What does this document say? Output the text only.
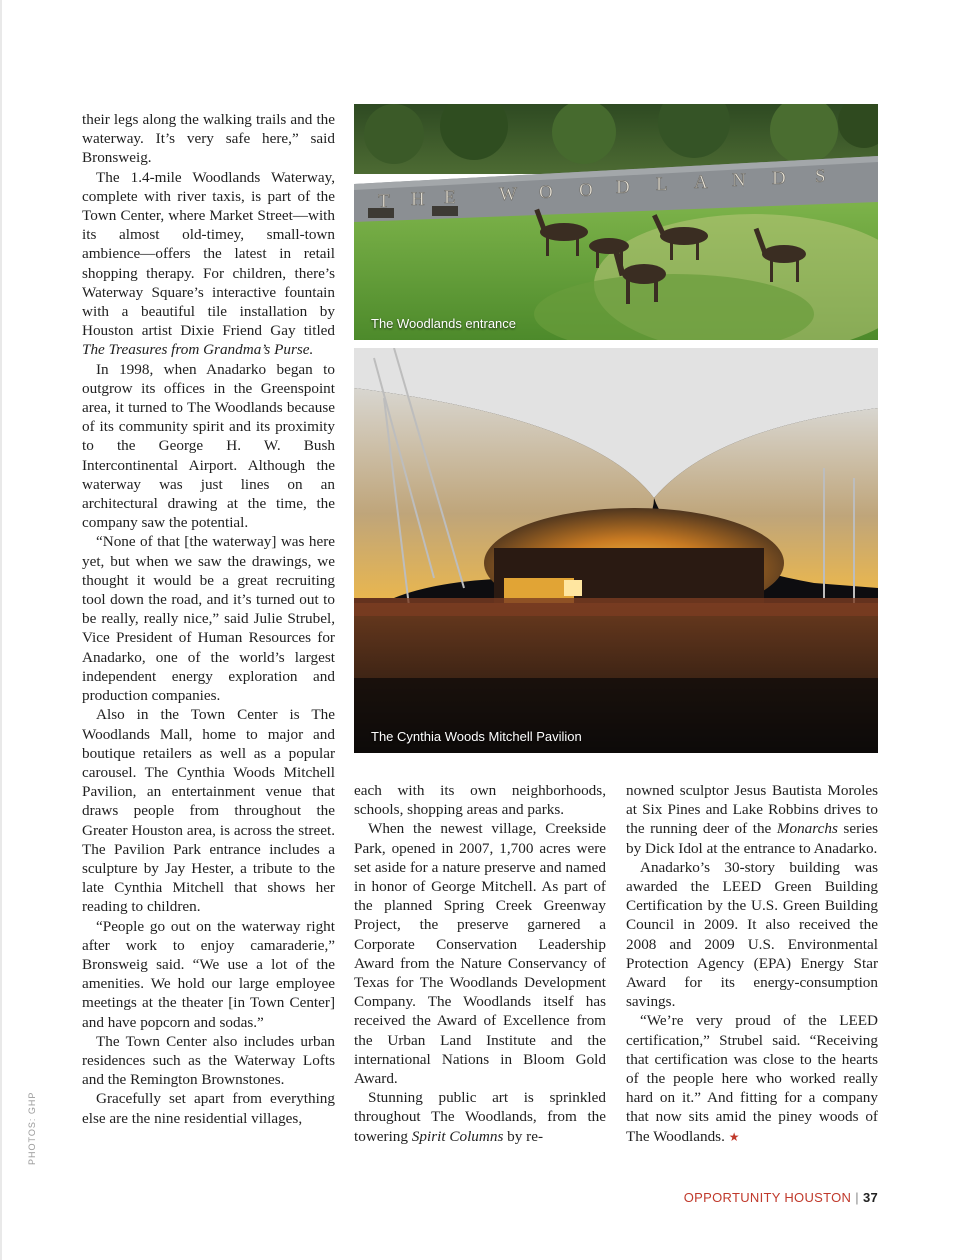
their legs along the walking trails and the waterway. It’s very safe here,” said Bronsweig.

The 1.4-mile Woodlands Waterway, complete with river taxis, is part of the Town Center, where Market Street—with its almost old-timey, small-town ambience—offers the latest in retail shopping therapy. For children, there’s Waterway Square’s interactive fountain with a beautiful tile installation by Houston artist Dixie Friend Gay titled The Treasures from Grandma’s Purse.

In 1998, when Anadarko began to outgrow its offices in the Greenspoint area, it turned to The Woodlands because of its community spirit and its proximity to the George H. W. Bush Intercontinental Airport. Although the waterway was just lines on an architectural drawing at the time, the company saw the potential.

“None of that [the waterway] was here yet, but when we saw the drawings, we thought it would be a great recruiting tool down the road, and it’s turned out to be really, really nice,” said Julie Strubel, Vice President of Human Resources for Anadarko, one of the world’s largest independent energy exploration and production companies.

Also in the Town Center is The Woodlands Mall, home to major and boutique retailers as well as a popular carousel. The Cynthia Woods Mitchell Pavilion, an entertainment venue that draws people from throughout the Greater Houston area, is across the street. The Pavilion Park entrance includes a sculpture by Jay Hester, a tribute to the late Cynthia Mitchell that shows her reading to children.

“People go out on the waterway right after work to enjoy camaraderie,” Bronsweig said. “We use a lot of the amenities. We hold our large employee meetings at the theater [in Town Center] and have popcorn and sodas.”

The Town Center also includes urban residences such as the Waterway Lofts and the Remington Brownstones.

Gracefully set apart from everything else are the nine residential villages,

T H E W O O D L A N D S
The Woodlands entrance
The Cynthia Woods Mitchell Pavilion

each with its own neighborhoods, schools, shopping areas and parks.

When the newest village, Creekside Park, opened in 2007, 1,700 acres were set aside for a nature preserve and named in honor of George Mitchell. As part of the planned Spring Creek Greenway Project, the preserve garnered a Corporate Conservation Leadership Award from the Nature Conservancy of Texas for The Woodlands Development Company. The Woodlands itself has received the Award of Excellence from the Urban Land Institute and the international Nations in Bloom Gold Award.

Stunning public art is sprinkled throughout The Woodlands, from the towering Spirit Columns by re-

nowned sculptor Jesus Bautista Moroles at Six Pines and Lake Robbins drives to the running deer of the Monarchs series by Dick Idol at the entrance to Anadarko.

Anadarko’s 30-story building was awarded the LEED Green Building Certification by the U.S. Green Building Council in 2009. It also received the 2008 and 2009 U.S. Environmental Protection Agency (EPA) Energy Star Award for its energy-consumption savings.

“We’re very proud of the LEED certification,” Strubel said. “Receiving that certification was close to the hearts of the people here who worked really hard on it.” And fitting for a company that now sits amid the piney woods of The Woodlands. ★

PHOTOS: GHP
OPPORTUNITY HOUSTON | 37
